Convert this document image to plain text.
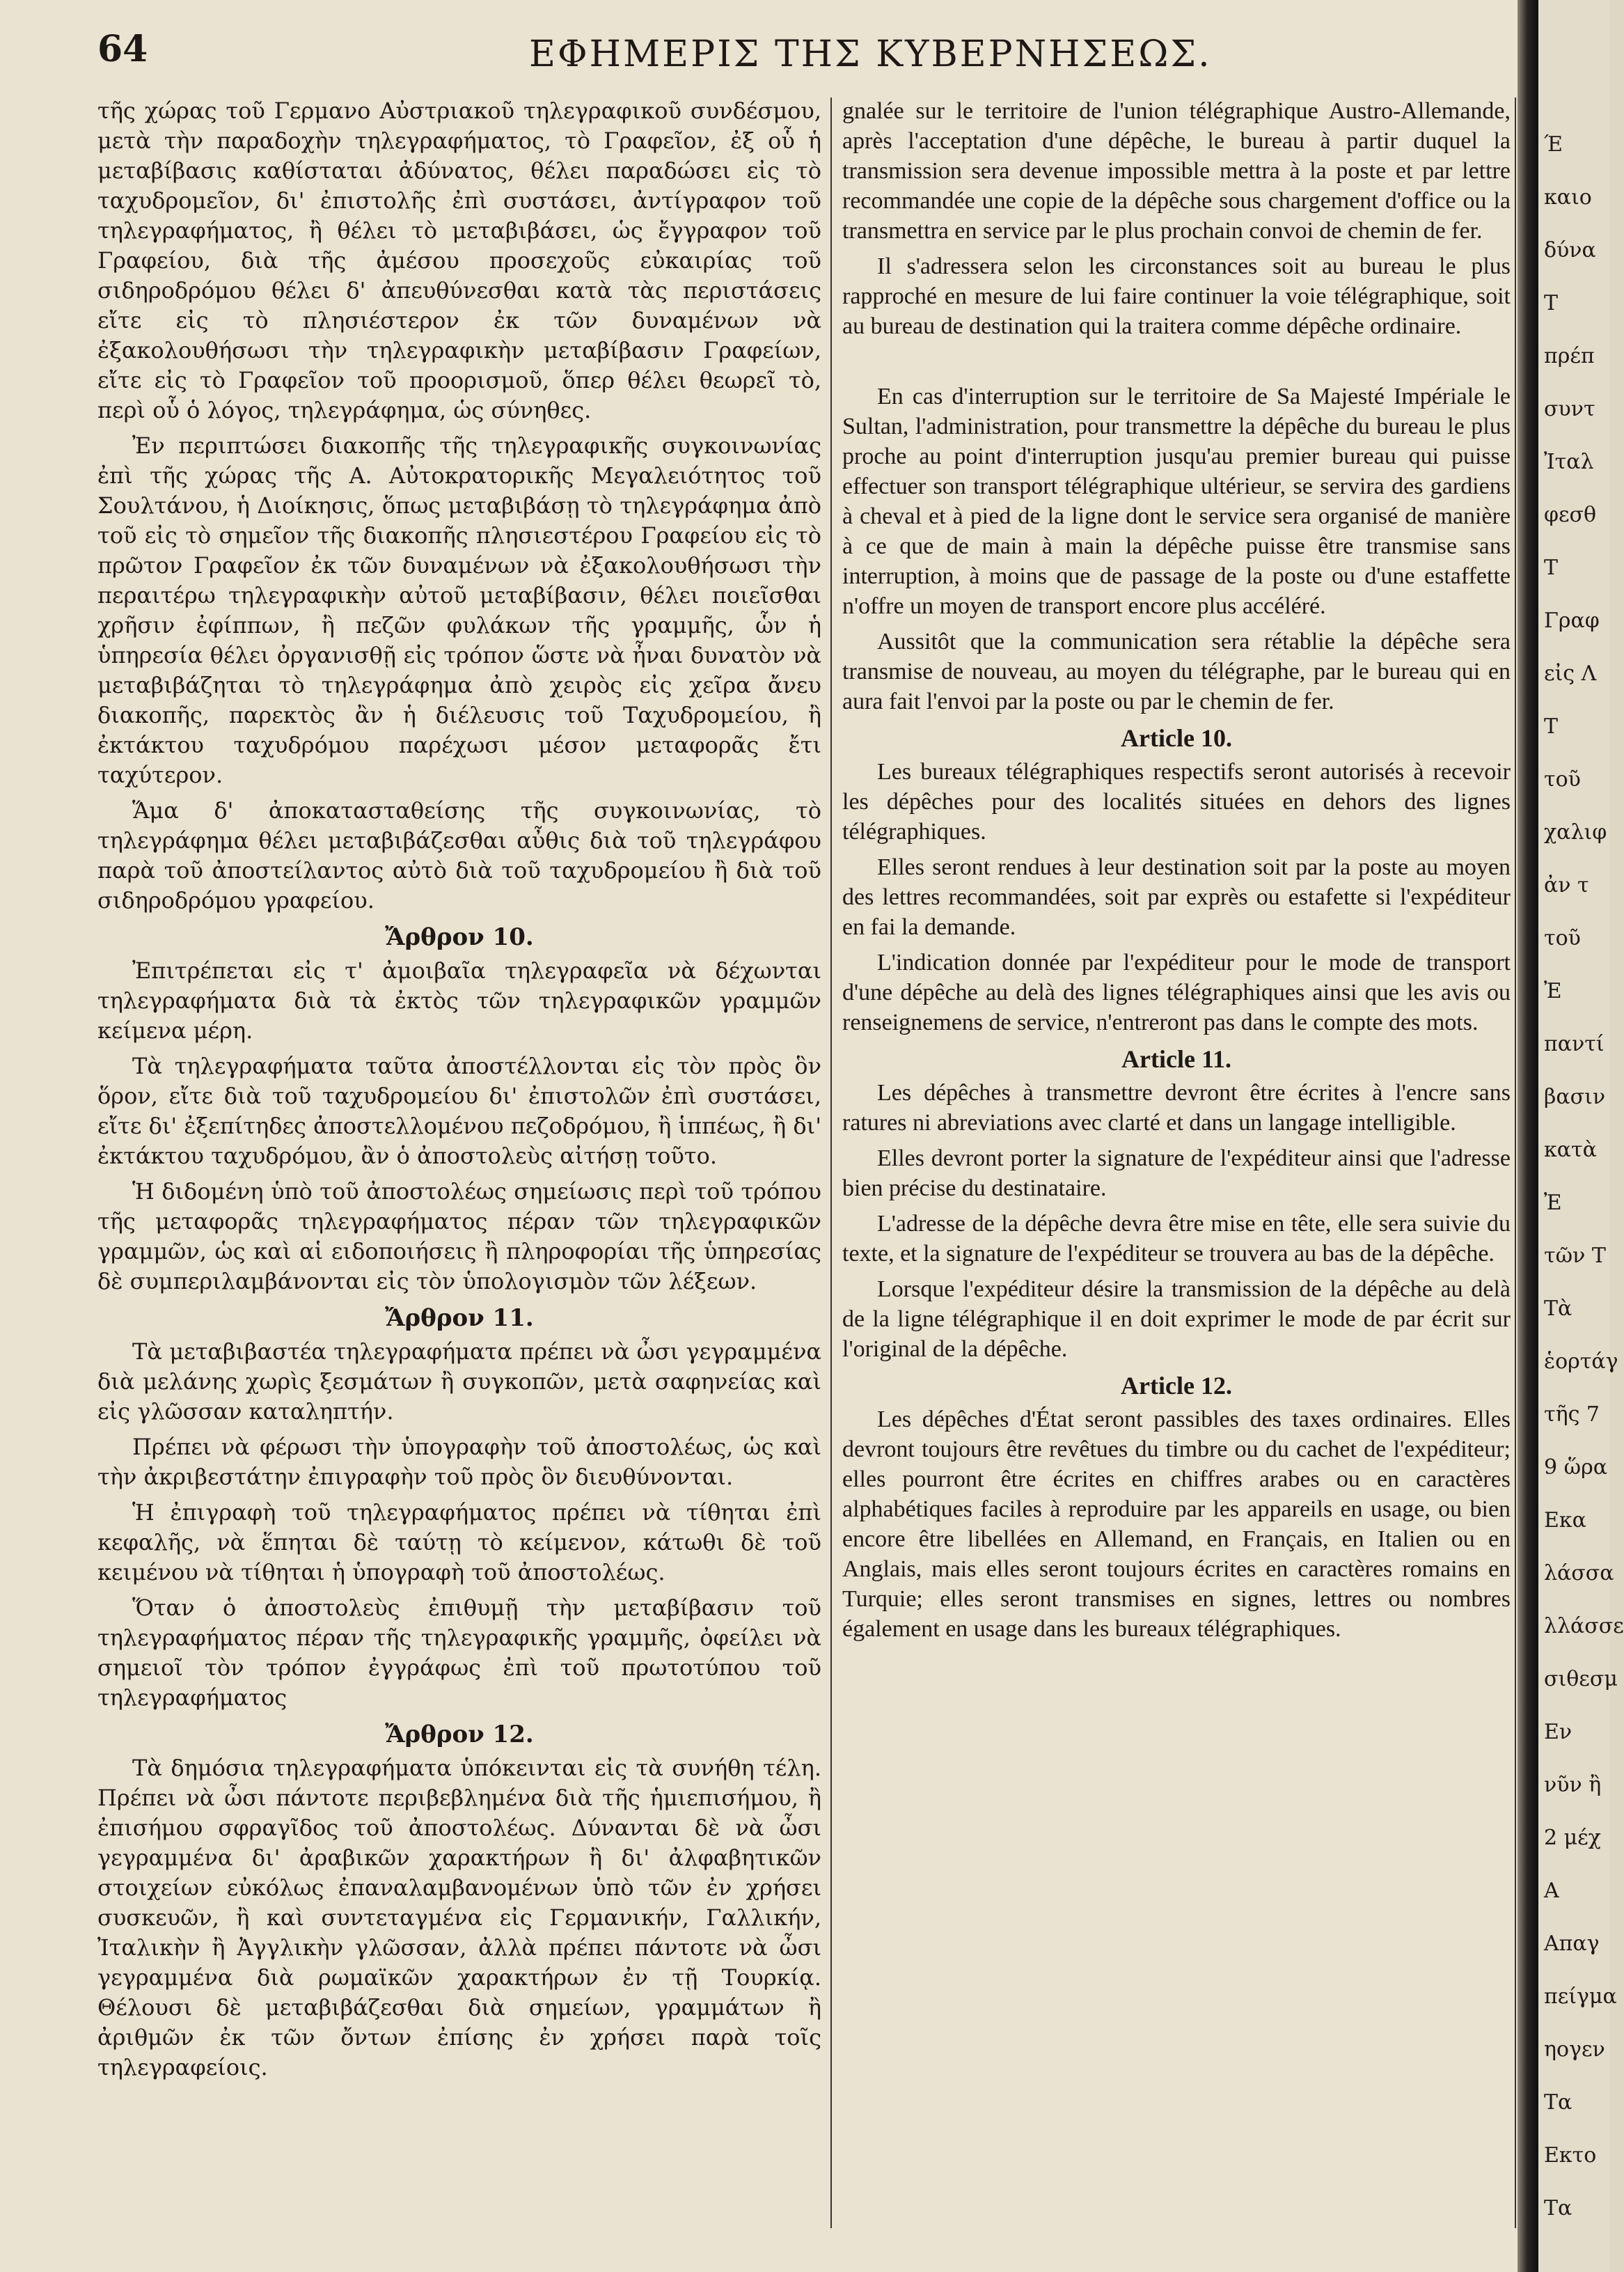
64	ΕΦΗΜΕΡΙΣ ΤΗΣ ΚΥΒΕΡΝΗΣΕΩΣ.

τῆς χώρας τοῦ Γερμανο Αὐστριακοῦ τηλεγραφικοῦ συνδέσμου, μετὰ τὴν παραδοχὴν τηλεγραφήματος, τὸ Γραφεῖον, ἐξ οὗ ἡ μεταβίβασις καθίσταται ἀδύνατος, θέλει παραδώσει εἰς τὸ ταχυδρομεῖον, δι' ἐπιστολῆς ἐπὶ συστάσει, ἀντίγραφον τοῦ τηλεγραφήματος, ἢ θέλει τὸ μεταβιβάσει, ὡς ἔγγραφον τοῦ Γραφείου, διὰ τῆς ἀμέσου προσεχοῦς εὐκαιρίας τοῦ σιδηροδρόμου θέλει δ' ἀπευθύνεσθαι κατὰ τὰς περιστάσεις εἴτε εἰς τὸ πλησιέστερον ἐκ τῶν δυναμένων νὰ ἐξακολουθήσωσι τὴν τηλεγραφικὴν μεταβίβασιν Γραφείων, εἴτε εἰς τὸ Γραφεῖον τοῦ προορισμοῦ, ὅπερ θέλει θεωρεῖ τὸ, περὶ οὗ ὁ λόγος, τηλεγράφημα, ὡς σύνηθες.

Ἐν περιπτώσει διακοπῆς τῆς τηλεγραφικῆς συγκοινωνίας ἐπὶ τῆς χώρας τῆς Α. Αὐτοκρατορικῆς Μεγαλειότητος τοῦ Σουλτάνου, ἡ Διοίκησις, ὅπως μεταβιβάσῃ τὸ τηλεγράφημα ἀπὸ τοῦ εἰς τὸ σημεῖον τῆς διακοπῆς πλησιεστέρου Γραφείου εἰς τὸ πρῶτον Γραφεῖον ἐκ τῶν δυναμένων νὰ ἐξακολουθήσωσι τὴν περαιτέρω τηλεγραφικὴν αὐτοῦ μεταβίβασιν, θέλει ποιεῖσθαι χρῆσιν ἐφίππων, ἢ πεζῶν φυλάκων τῆς γραμμῆς, ὧν ἡ ὑπηρεσία θέλει ὀργανισθῇ εἰς τρόπον ὥστε νὰ ἦναι δυνατὸν νὰ μεταβιβάζηται τὸ τηλεγράφημα ἀπὸ χειρὸς εἰς χεῖρα ἄνευ διακοπῆς, παρεκτὸς ἂν ἡ διέλευσις τοῦ Ταχυδρομείου, ἢ ἐκτάκτου ταχυδρόμου παρέχωσι μέσον μεταφορᾶς ἔτι ταχύτερον.

Ἅμα δ' ἀποκατασταθείσης τῆς συγκοινωνίας, τὸ τηλεγράφημα θέλει μεταβιβάζεσθαι αὖθις διὰ τοῦ τηλεγράφου παρὰ τοῦ ἀποστείλαντος αὐτὸ διὰ τοῦ ταχυδρομείου ἢ διὰ τοῦ σιδηροδρόμου γραφείου.

Ἄρθρον 10.

Ἐπιτρέπεται εἰς τ' ἀμοιβαῖα τηλεγραφεῖα νὰ δέχωνται τηλεγραφήματα διὰ τὰ ἐκτὸς τῶν τηλεγραφικῶν γραμμῶν κείμενα μέρη.

Τὰ τηλεγραφήματα ταῦτα ἀποστέλλονται εἰς τὸν πρὸς ὃν ὅρον, εἴτε διὰ τοῦ ταχυδρομείου δι' ἐπιστολῶν ἐπὶ συστάσει, εἴτε δι' ἐξεπίτηδες ἀποστελλομένου πεζοδρόμου, ἢ ἱππέως, ἢ δι' ἐκτάκτου ταχυδρόμου, ἂν ὁ ἀποστολεὺς αἰτήσῃ τοῦτο.

Ἡ διδομένη ὑπὸ τοῦ ἀποστολέως σημείωσις περὶ τοῦ τρόπου τῆς μεταφορᾶς τηλεγραφήματος πέραν τῶν τηλεγραφικῶν γραμμῶν, ὡς καὶ αἱ ειδοποιήσεις ἢ πληροφορίαι τῆς ὑπηρεσίας δὲ συμπεριλαμβάνονται εἰς τὸν ὑπολογισμὸν τῶν λέξεων.

Ἄρθρον 11.

Τὰ μεταβιβαστέα τηλεγραφήματα πρέπει νὰ ὦσι γεγραμμένα διὰ μελάνης χωρὶς ξεσμάτων ἢ συγκοπῶν, μετὰ σαφηνείας καὶ εἰς γλῶσσαν καταληπτήν.

Πρέπει νὰ φέρωσι τὴν ὑπογραφὴν τοῦ ἀποστολέως, ὡς καὶ τὴν ἀκριβεστάτην ἐπιγραφὴν τοῦ πρὸς ὃν διευθύνονται.

Ἡ ἐπιγραφὴ τοῦ τηλεγραφήματος πρέπει νὰ τίθηται ἐπὶ κεφαλῆς, νὰ ἕπηται δὲ ταύτῃ τὸ κείμενον, κάτωθι δὲ τοῦ κειμένου νὰ τίθηται ἡ ὑπογραφὴ τοῦ ἀποστολέως.

Ὅταν ὁ ἀποστολεὺς ἐπιθυμῇ τὴν μεταβίβασιν τοῦ τηλεγραφήματος πέραν τῆς τηλεγραφικῆς γραμμῆς, ὀφείλει νὰ σημειοῖ τὸν τρόπον ἐγγράφως ἐπὶ τοῦ πρωτοτύπου τοῦ τηλεγραφήματος

Ἄρθρον 12.

Τὰ δημόσια τηλεγραφήματα ὑπόκεινται εἰς τὰ συνήθη τέλη. Πρέπει νὰ ὦσι πάντοτε περιβεβλημένα διὰ τῆς ἡμιεπισήμου, ἢ ἐπισήμου σφραγῖδος τοῦ ἀποστολέως. Δύνανται δὲ νὰ ὦσι γεγραμμένα δι' ἀραβικῶν χαρακτήρων ἢ δι' ἀλφαβητικῶν στοιχείων εὐκόλως ἐπαναλαμβανομένων ὑπὸ τῶν ἐν χρήσει συσκευῶν, ἢ καὶ συντεταγμένα εἰς Γερμανικήν, Γαλλικήν, Ἰταλικὴν ἢ Ἀγγλικὴν γλῶσσαν, ἀλλὰ πρέπει πάντοτε νὰ ὦσι γεγραμμένα διὰ ρωμαϊκῶν χαρακτήρων ἐν τῇ Τουρκίᾳ. Θέλουσι δὲ μεταβιβάζεσθαι διὰ σημείων, γραμμάτων ἢ ἀριθμῶν ἐκ τῶν ὄντων ἐπίσης ἐν χρήσει παρὰ τοῖς τηλεγραφείοις.

gnalée sur le territoire de l'union télégraphique Austro-Allemande, après l'acceptation d'une dépêche, le bureau à partir duquel la transmission sera devenue impossible mettra à la poste et par lettre recommandée une copie de la dépêche sous chargement d'office ou la transmettra en service par le plus prochain convoi de chemin de fer.

Il s'adressera selon les circonstances soit au bureau le plus rapproché en mesure de lui faire continuer la voie télégraphique, soit au bureau de destination qui la traitera comme dépêche ordinaire.

En cas d'interruption sur le territoire de Sa Majesté Impériale le Sultan, l'administration, pour transmettre la dépêche du bureau le plus proche au point d'interruption jusqu'au premier bureau qui puisse effectuer son transport télégraphique ultérieur, se servira des gardiens à cheval et à pied de la ligne dont le service sera organisé de manière à ce que de main à main la dépêche puisse être transmise sans interruption, à moins que de passage de la poste ou d'une estaffette n'offre un moyen de transport encore plus accéléré.

Aussitôt que la communication sera rétablie la dépêche sera transmise de nouveau, au moyen du télégraphe, par le bureau qui en aura fait l'envoi par la poste ou par le chemin de fer.

Article 10.

Les bureaux télégraphiques respectifs seront autorisés à recevoir les dépêches pour des localités situées en dehors des lignes télégraphiques.

Elles seront rendues à leur destination soit par la poste au moyen des lettres recommandées, soit par exprès ou estafette si l'expéditeur en fai la demande.

L'indication donnée par l'expéditeur pour le mode de transport d'une dépêche au delà des lignes télégraphiques ainsi que les avis ou renseignemens de service, n'entreront pas dans le compte des mots.

Article 11.

Les dépêches à transmettre devront être écrites à l'encre sans ratures ni abreviations avec clarté et dans un langage intelligible.

Elles devront porter la signature de l'expéditeur ainsi que l'adresse bien précise du destinataire.

L'adresse de la dépêche devra être mise en tête, elle sera suivie du texte, et la signature de l'expéditeur se trouvera au bas de la dépêche.

Lorsque l'expéditeur désire la transmission de la dépêche au delà de la ligne télégraphique il en doit exprimer le mode de par écrit sur l'original de la dépêche.

Article 12.

Les dépêches d'État seront passibles des taxes ordinaires. Elles devront toujours être revêtues du timbre ou du cachet de l'expéditeur; elles pourront être écrites en chiffres arabes ou en caractères alphabétiques faciles à reproduire par les appareils en usage, ou bien encore être libellées en Allemand, en Français, en Italien ou en Anglais, mais elles seront toujours écrites en caractères romains en Turquie; elles seront transmises en signes, lettres ou nombres également en usage dans les bureaux télégraphiques.

Έ
καιο
δύνα
Τ
πρέπ
συντ
Ἰταλ
φεσθ
Τ
Γραφ
εἰς Λ
Τ
τοῦ
χαλιφ
ἀν τ
τοῦ
Ἐ
παντί
βασιν
κατὰ
Ἐ
τῶν Τ
Τὰ
ἑορτάγ
τῆς 7
9 ὥρα
Εκα
λάσσα
λλάσσε
σιθεσμ
Εν
νῦν ἢ
2 μέχ
Α
Απαγ
πείγμα
ηογεν
Τα
Εκτο
Τα
